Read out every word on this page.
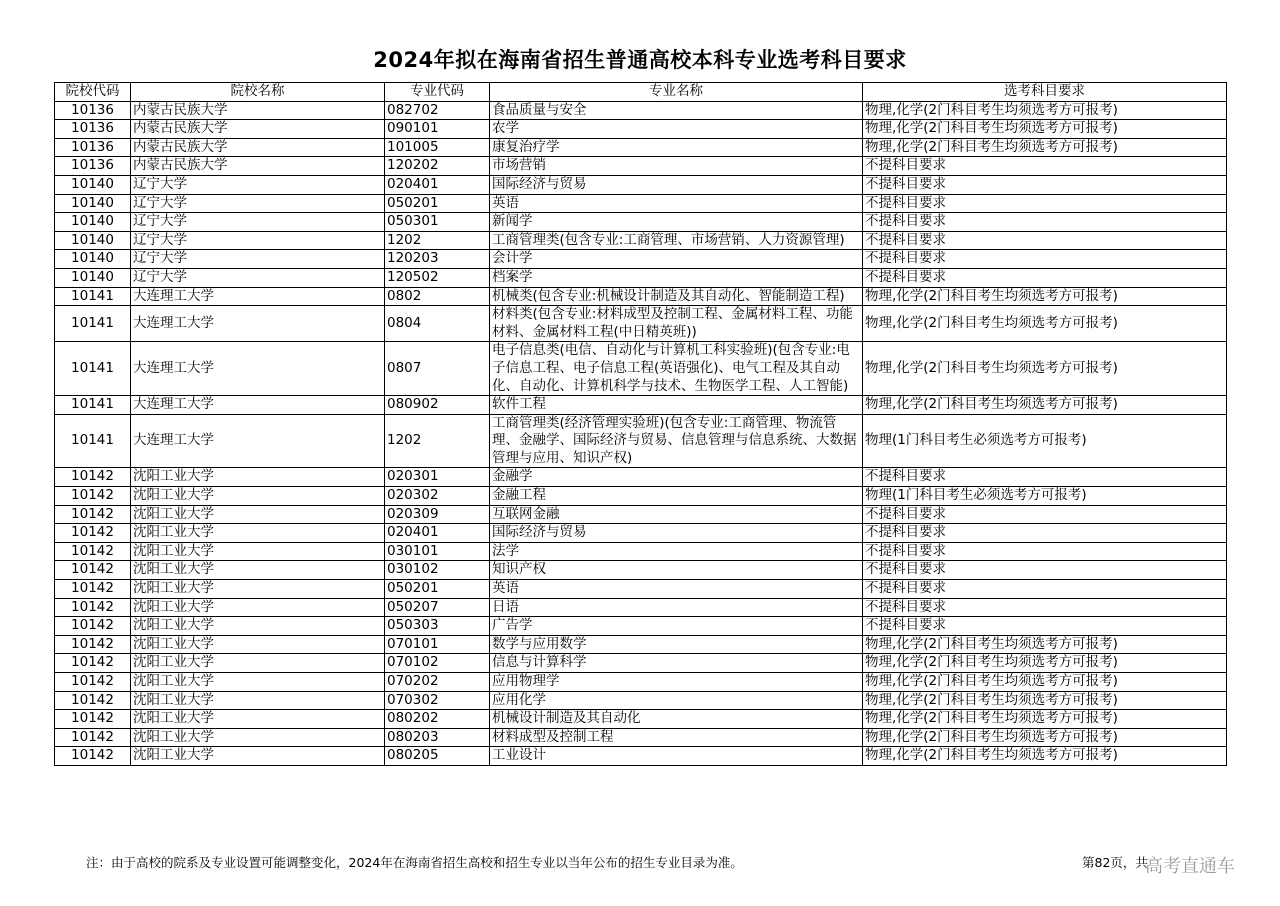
2024年拟在海南省招生普通高校本科专业选考科目要求
院校代码	院校名称	专业代码	专业名称	选考科目要求
10136	内蒙古民族大学	082702	食品质量与安全	物理,化学(2门科目考生均须选考方可报考)
10136	内蒙古民族大学	090101	农学	物理,化学(2门科目考生均须选考方可报考)
10136	内蒙古民族大学	101005	康复治疗学	物理,化学(2门科目考生均须选考方可报考)
10136	内蒙古民族大学	120202	市场营销	不提科目要求
10140	辽宁大学	020401	国际经济与贸易	不提科目要求
10140	辽宁大学	050201	英语	不提科目要求
10140	辽宁大学	050301	新闻学	不提科目要求
10140	辽宁大学	1202	工商管理类(包含专业:工商管理、市场营销、人力资源管理)	不提科目要求
10140	辽宁大学	120203	会计学	不提科目要求
10140	辽宁大学	120502	档案学	不提科目要求
10141	大连理工大学	0802	机械类(包含专业:机械设计制造及其自动化、智能制造工程)	物理,化学(2门科目考生均须选考方可报考)
10141	大连理工大学	0804	材料类(包含专业:材料成型及控制工程、金属材料工程、功能材料、金属材料工程(中日精英班))	物理,化学(2门科目考生均须选考方可报考)
10141	大连理工大学	0807	电子信息类(电信、自动化与计算机工科实验班)(包含专业:电子信息工程、电子信息工程(英语强化)、电气工程及其自动化、自动化、计算机科学与技术、生物医学工程、人工智能)	物理,化学(2门科目考生均须选考方可报考)
10141	大连理工大学	080902	软件工程	物理,化学(2门科目考生均须选考方可报考)
10141	大连理工大学	1202	工商管理类(经济管理实验班)(包含专业:工商管理、物流管理、金融学、国际经济与贸易、信息管理与信息系统、大数据管理与应用、知识产权)	物理(1门科目考生必须选考方可报考)
10142	沈阳工业大学	020301	金融学	不提科目要求
10142	沈阳工业大学	020302	金融工程	物理(1门科目考生必须选考方可报考)
10142	沈阳工业大学	020309	互联网金融	不提科目要求
10142	沈阳工业大学	020401	国际经济与贸易	不提科目要求
10142	沈阳工业大学	030101	法学	不提科目要求
10142	沈阳工业大学	030102	知识产权	不提科目要求
10142	沈阳工业大学	050201	英语	不提科目要求
10142	沈阳工业大学	050207	日语	不提科目要求
10142	沈阳工业大学	050303	广告学	不提科目要求
10142	沈阳工业大学	070101	数学与应用数学	物理,化学(2门科目考生均须选考方可报考)
10142	沈阳工业大学	070102	信息与计算科学	物理,化学(2门科目考生均须选考方可报考)
10142	沈阳工业大学	070202	应用物理学	物理,化学(2门科目考生均须选考方可报考)
10142	沈阳工业大学	070302	应用化学	物理,化学(2门科目考生均须选考方可报考)
10142	沈阳工业大学	080202	机械设计制造及其自动化	物理,化学(2门科目考生均须选考方可报考)
10142	沈阳工业大学	080203	材料成型及控制工程	物理,化学(2门科目考生均须选考方可报考)
10142	沈阳工业大学	080205	工业设计	物理,化学(2门科目考生均须选考方可报考)
注：由于高校的院系及专业设置可能调整变化，2024年在海南省招生高校和招生专业以当年公布的招生专业目录为准。	第82页，共
高考直通车
